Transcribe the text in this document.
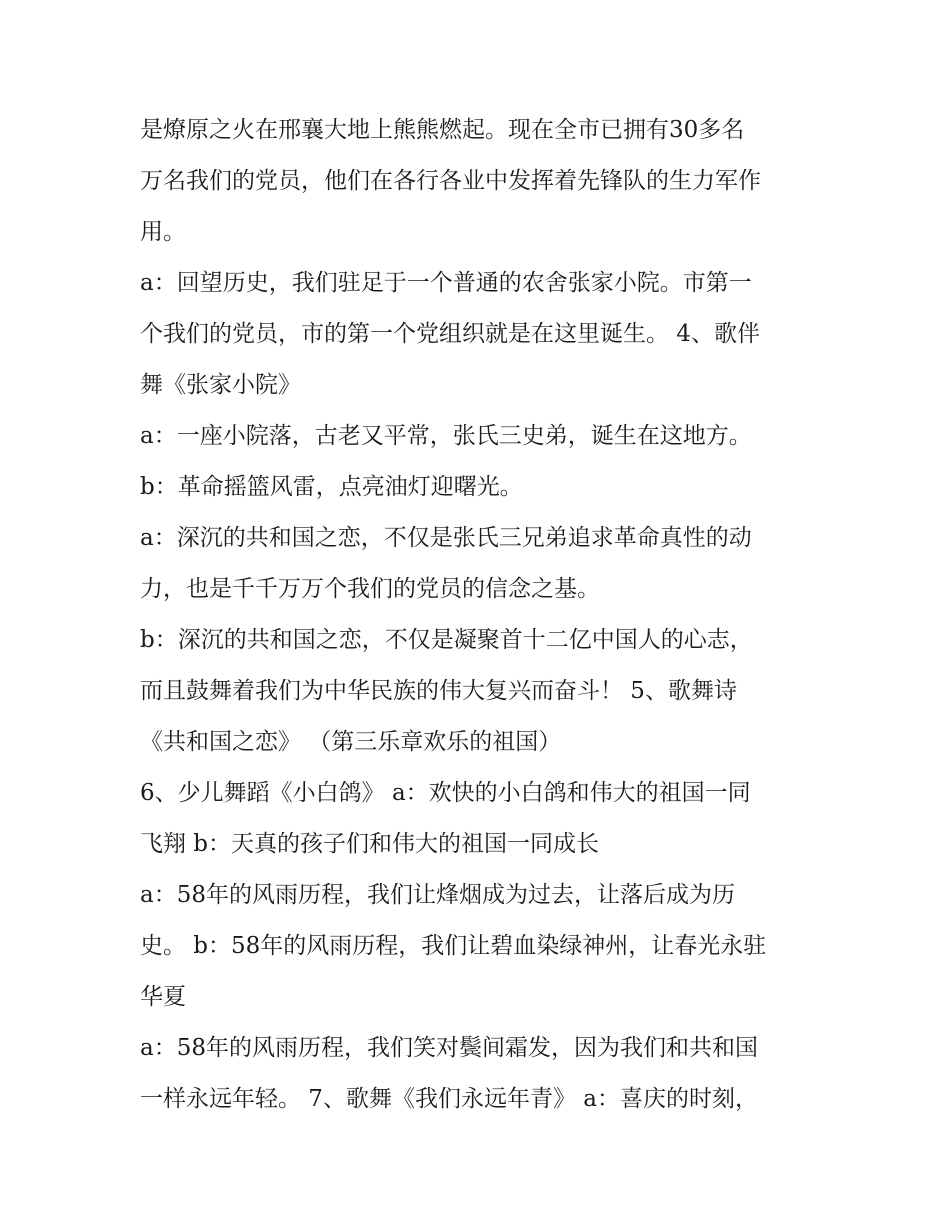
是燎原之火在邢襄大地上熊熊燃起。现在全市已拥有30多名
万名我们的党员，他们在各行各业中发挥着先锋队的生力军作
用。
a：回望历史，我们驻足于一个普通的农舍张家小院。市第一
个我们的党员，市的第一个党组织就是在这里诞生。 4、歌伴
舞《张家小院》
a：一座小院落，古老又平常，张氏三史弟，诞生在这地方。
b：革命摇篮风雷，点亮油灯迎曙光。
a：深沉的共和国之恋，不仅是张氏三兄弟追求革命真性的动
力，也是千千万万个我们的党员的信念之基。
b：深沉的共和国之恋，不仅是凝聚首十二亿中国人的心志，
而且鼓舞着我们为中华民族的伟大复兴而奋斗！ 5、歌舞诗
《共和国之恋》 （第三乐章欢乐的祖国）
6、少儿舞蹈《小白鸽》 a：欢快的小白鸽和伟大的祖国一同
飞翔 b：天真的孩子们和伟大的祖国一同成长
a：58年的风雨历程，我们让烽烟成为过去，让落后成为历
史。 b：58年的风雨历程，我们让碧血染绿神州，让春光永驻
华夏
a：58年的风雨历程，我们笑对鬓间霜发，因为我们和共和国
一样永远年轻。 7、歌舞《我们永远年青》 a：喜庆的时刻，
